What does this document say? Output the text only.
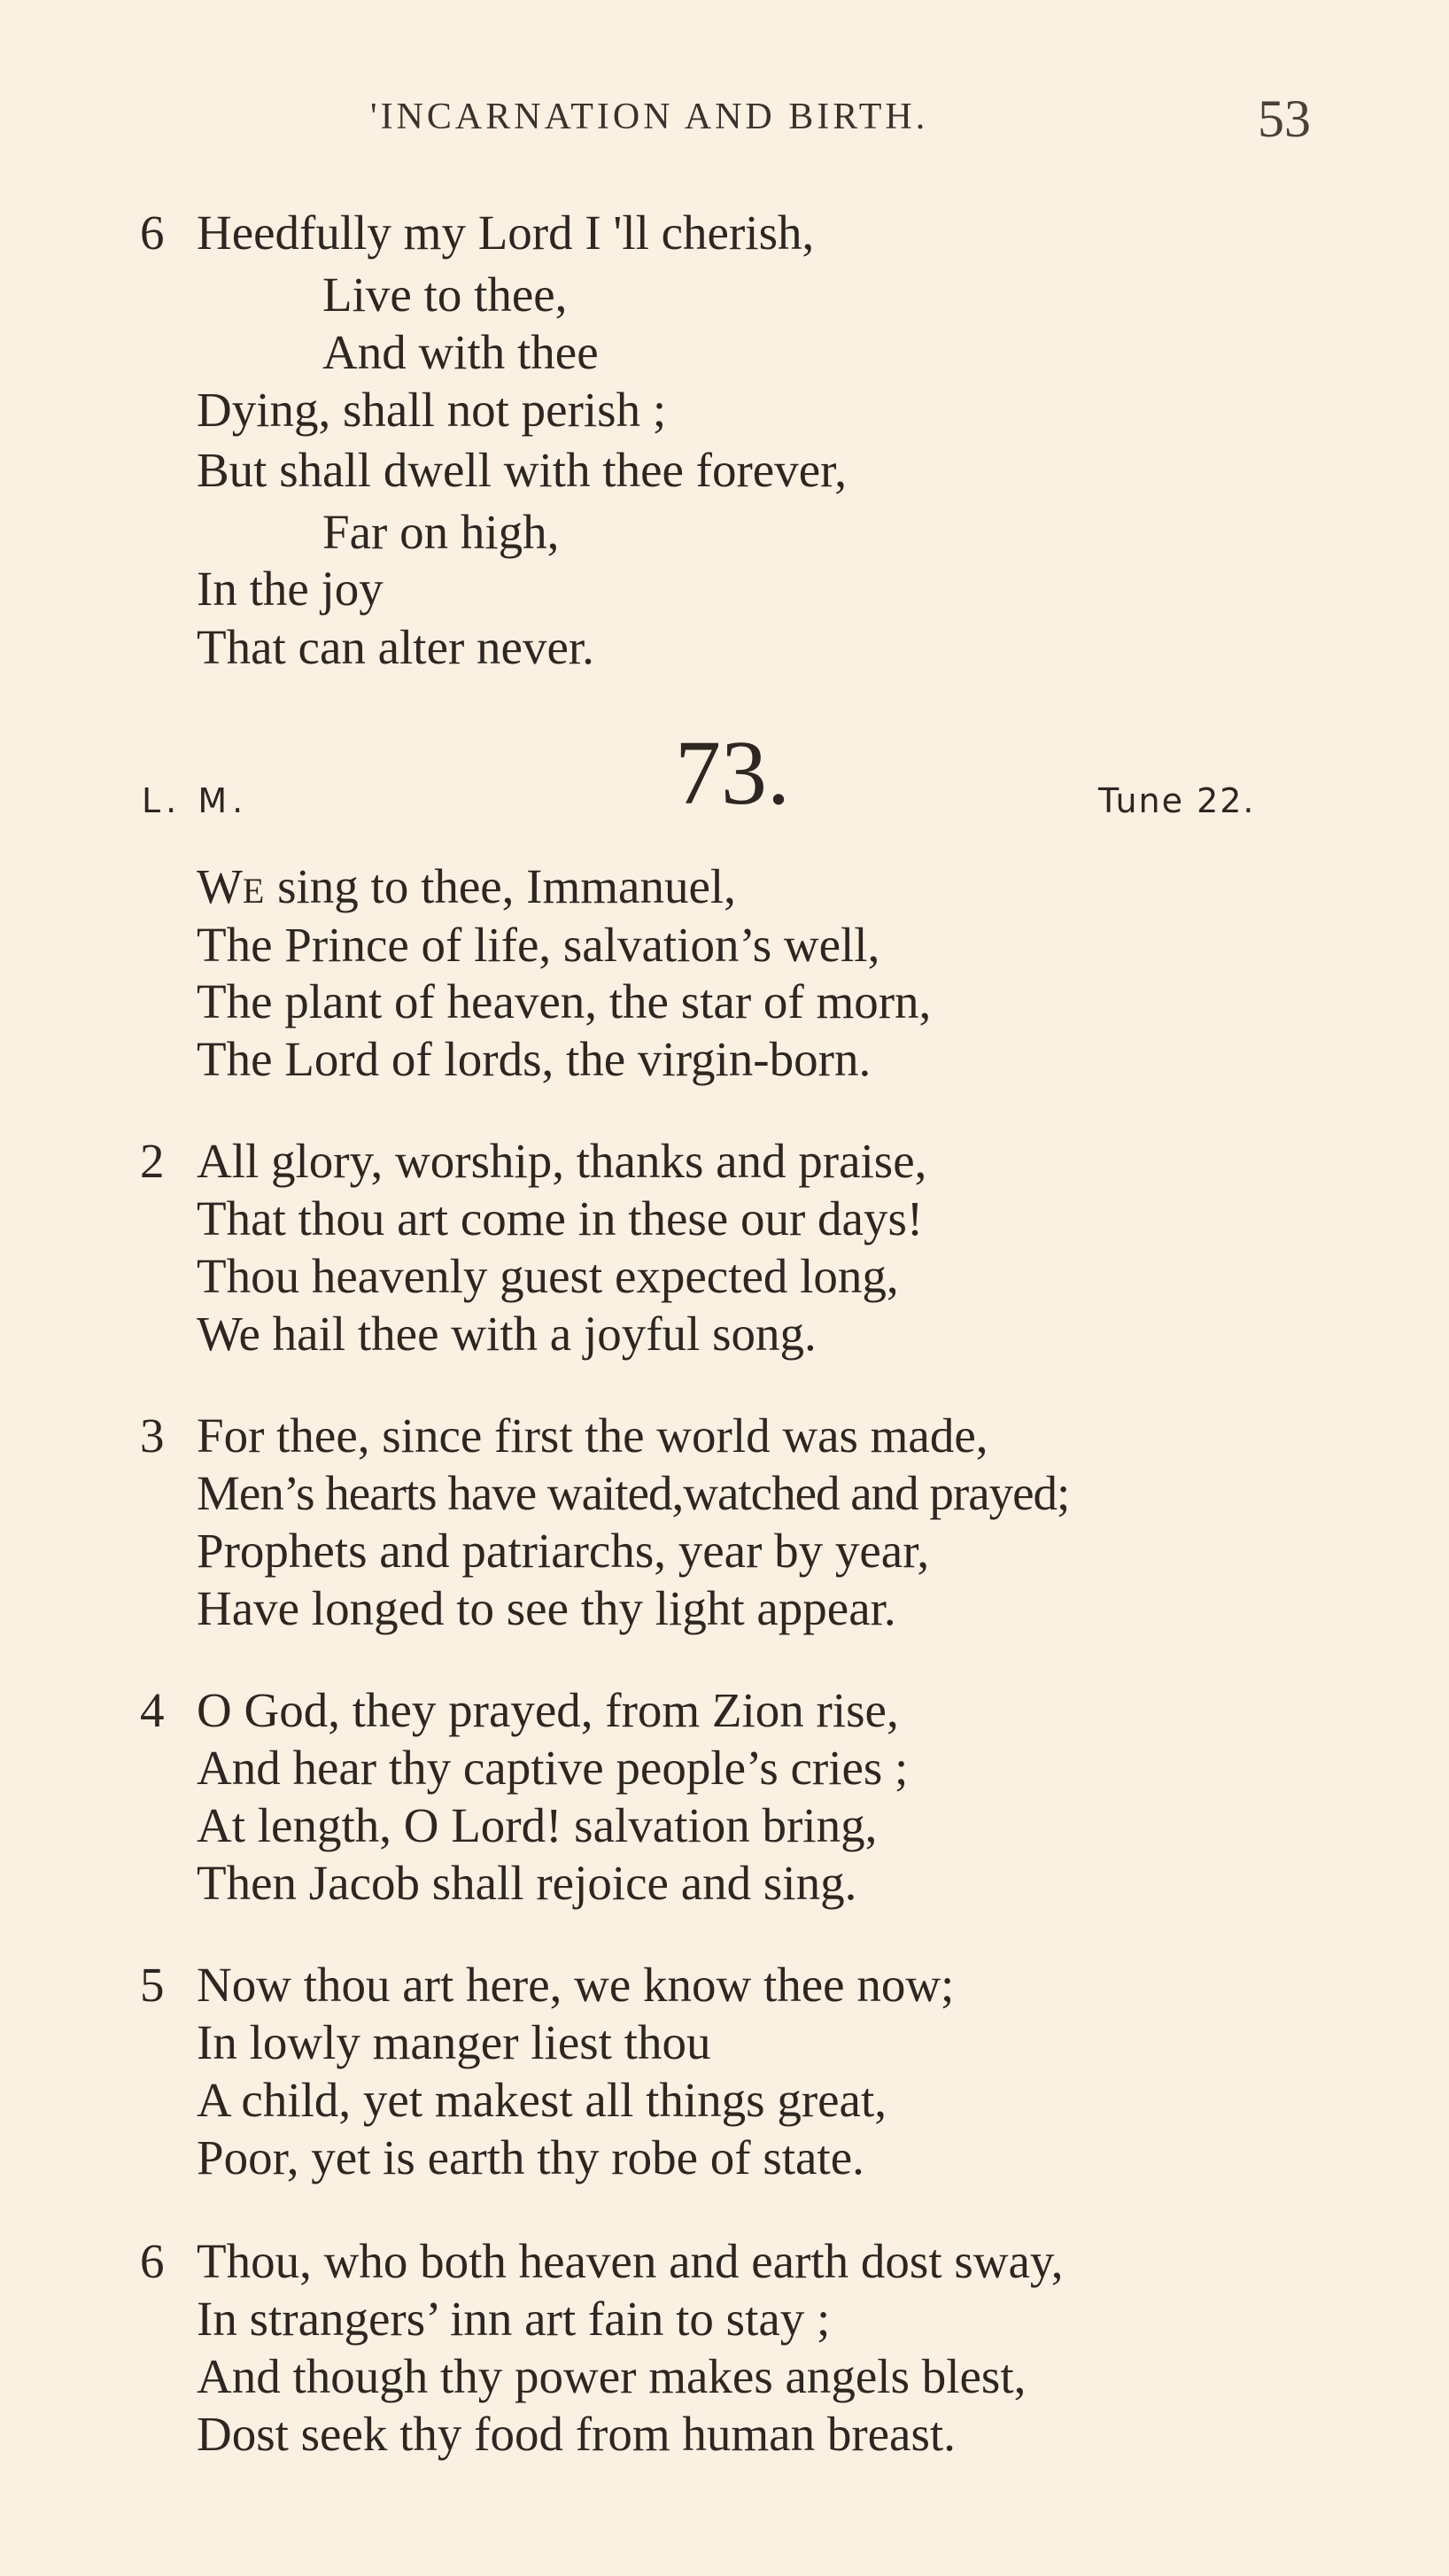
'INCARNATION AND BIRTH.	53
6 Heedfully my Lord I 'll cherish,
Live to thee,
And with thee
Dying, shall not perish ;
But shall dwell with thee forever,
Far on high,
In the joy
That can alter never.
L. M.	73.	Tune 22.
WE sing to thee, Immanuel,
The Prince of life, salvation’s well,
The plant of heaven, the star of morn,
The Lord of lords, the virgin-born.
2 All glory, worship, thanks and praise,
That thou art come in these our days!
Thou heavenly guest expected long,
We hail thee with a joyful song.
3 For thee, since first the world was made,
Men’s hearts have waited,watched and prayed;
Prophets and patriarchs, year by year,
Have longed to see thy light appear.
4 O God, they prayed, from Zion rise,
And hear thy captive people’s cries ;
At length, O Lord! salvation bring,
Then Jacob shall rejoice and sing.
5 Now thou art here, we know thee now;
In lowly manger liest thou
A child, yet makest all things great,
Poor, yet is earth thy robe of state.
6 Thou, who both heaven and earth dost sway,
In strangers’ inn art fain to stay ;
And though thy power makes angels blest,
Dost seek thy food from human breast.
